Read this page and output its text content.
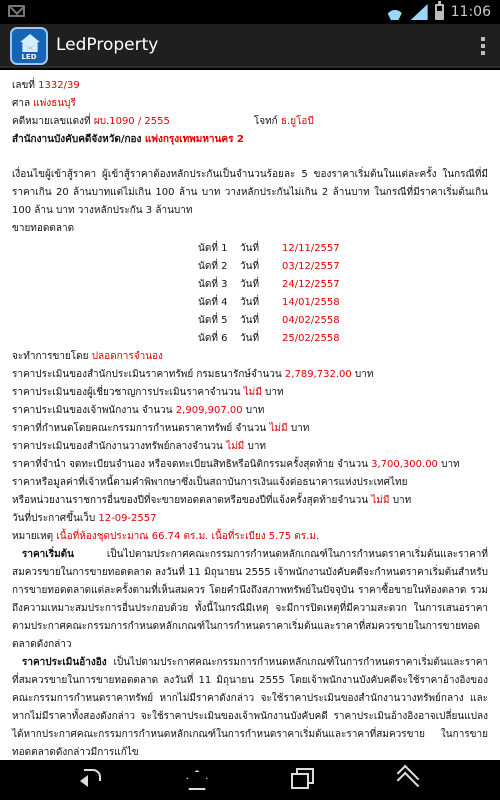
11:06
LED
LedProperty
เลขที่ 1332/39
ศาล แพ่งธนบุรี
คดีหมายเลขแดงที่ ผบ.1090 / 2555	โจทก์ ธ.ยูโอบี
สำนักงานบังคับคดีจังหวัด/กอง แพ่งกรุงเทพมหานคร 2
เงื่อนไขผู้เข้าสู้ราคา ผู้เข้าสู้ราคาต้องหลักประกันเป็นจำนวนร้อยละ 5 ของราคาเริ่มต้นในแต่ละครั้ง ในกรณีที่มีราคาเกิน 20 ล้านบาทแต่ไม่เกิน 100 ล้าน บาท วางหลักประกันไม่เกิน 2 ล้านบาท ในกรณีที่มีราคาเริ่มต้นเกิน 100 ล้าน บาท วางหลักประกัน 3 ล้านบาท
ขายทอดตลาด
นัดที่ 1	วันที่	12/11/2557
นัดที่ 2	วันที่	03/12/2557
นัดที่ 3	วันที่	24/12/2557
นัดที่ 4	วันที่	14/01/2558
นัดที่ 5	วันที่	04/02/2558
นัดที่ 6	วันที่	25/02/2558
จะทำการขายโดย ปลอดการจำนอง
ราคาประเมินของสำนักประเมินราคาทรัพย์ กรมธนารักษ์จำนวน 2,789,732.00 บาท
ราคาประเมินของผู้เชี่ยวชาญการประเมินราคาจำนวน ไม่มี บาท
ราคาประเมินของเจ้าพนักงาน จำนวน 2,909,907.00 บาท
ราคาที่กำหนดโดยคณะกรรมการกำหนดราคาทรัพย์ จำนวน ไม่มี บาท
ราคาประเมินของสำนักงานวางทรัพย์กลางจำนวน ไม่มี บาท
ราคาที่จำนำ จดทะเบียนจำนอง หรือจดทะเบียนสิทธิหรือนิติกรรมครั้งสุดท้าย จำนวน 3,700,300.00 บาท
ราคาหรือมูลค่าที่เจ้าหนี้ตามคำพิพากษาซึ่งเป็นสถาบันการเงินแจ้งต่อธนาคารแห่งประเทศไทย
หรือหน่วยงานราชการอื่นของปีที่จะขายทอดตลาดหรือของปีที่แจ้งครั้งสุดท้ายจำนวน ไม่มี บาท
วันที่ประกาศขึ้นเว็บ 12-09-2557
หมายเหตุ เนื้อที่ห้องชุดประมาณ 66.74 ตร.ม. เนื้อที่ระเบียง 5.75 ตร.ม.
ราคาเริ่มต้น	เป็นไปตามประกาศคณะกรรมการกำหนดหลักเกณฑ์ในการกำหนดราคาเริ่มต้นและราคาที่สมควรขายในการขายทอดตลาด ลงวันที่ 11 มิถุนายน 2555 เจ้าพนักงานบังคับคดีจะกำหนดราคาเริ่มต้นสำหรับการขายทอดตลาดแต่ละครั้งตามที่เห็นสมควร โดยคำนึงถึงสภาพทรัพย์ในปัจจุบัน ราคาซื้อขายในท้องตลาด รวมถึงความเหมาะสมประการอื่นประกอบด้วย ทั้งนี้ในกรณีมีเหตุ จะมีการปิดเหตุที่มีความสะดวก ในการเสนอราคาตามประกาศคณะกรรมการกำหนดหลักเกณฑ์ในการกำหนดราคาเริ่มต้นและราคาที่สมควรขายในการขายทอดตลาดดังกล่าว
ราคาประเมินอ้างอิง เป็นไปตามประกาศคณะกรรมการกำหนดหลักเกณฑ์ในการกำหนดราคาเริ่มต้นและราคาที่สมควรขายในการขายทอดตลาด ลงวันที่ 11 มิถุนายน 2555 โดยเจ้าพนักงานบังคับคดีจะใช้ราคาอ้างอิงของคณะกรรมการกำหนดราคาทรัพย์ หากไม่มีราคาดังกล่าว จะใช้ราคาประเมินของสำนักงานวางทรัพย์กลาง และหากไม่มีราคาทั้งสองดังกล่าว จะใช้ราคาประเมินของเจ้าพนักงานบังคับคดี ราคาประเมินอ้างอิงอาจเปลี่ยนแปลงได้หากประกาศคณะกรรมการกำหนดหลักเกณฑ์ในการกำหนดราคาเริ่มต้นและราคาที่สมควรขาย ในการขายทอดตลาดดังกล่าวมีการแก้ไข
